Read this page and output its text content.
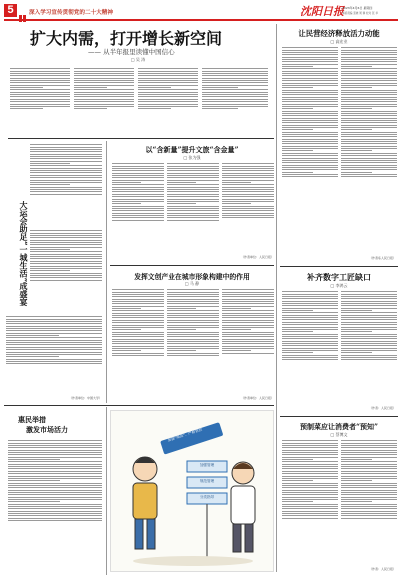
5	深入学习宣传贯彻党的二十大精神	沈阳日报
2023年4月6日 星期四
本版责编 张晓 周 耕 校对 张 华
扩大内需，打开增长新空间
—— 从半年报里读懂中国信心
□ 吴 涛
让民营经济释放活力动能
□ 高宏业
（作者系人民日报）
大运会助足“一城生活”成盛宴
（作者单位：中国大学）
以“含新量”提升文旅“含金量”
□ 张为强
（作者单位：人民日报）
发挥文创产业在城市形象构建中的作用
□ 马 静
（作者单位：人民日报）
补齐数字工匠缺口
□ 李鸿云
（作者：人民日报）
惠民举措
激发市场活力	加强“规范”、严格管控
加强管理
规范管理
分类指导
预制菜应让消费者“预知”
□ 蔡博文
（作者：人民日报）
